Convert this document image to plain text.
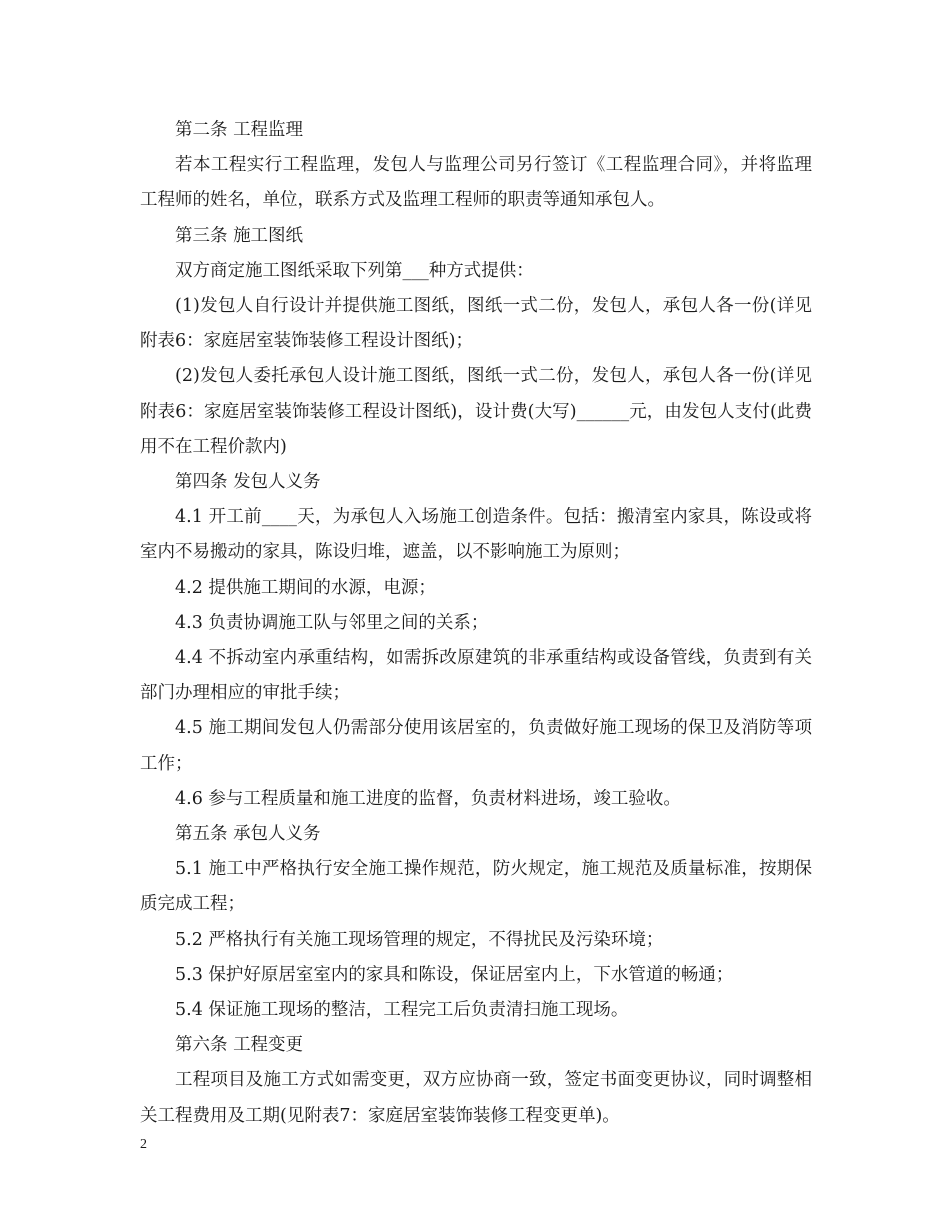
第二条 工程监理

若本工程实行工程监理，发包人与监理公司另行签订《工程监理合同》，并将监理工程师的姓名，单位，联系方式及监理工程师的职责等通知承包人。

第三条 施工图纸

双方商定施工图纸采取下列第___种方式提供：

(1)发包人自行设计并提供施工图纸，图纸一式二份，发包人，承包人各一份(详见附表6：家庭居室装饰装修工程设计图纸)；

(2)发包人委托承包人设计施工图纸，图纸一式二份，发包人，承包人各一份(详见附表6：家庭居室装饰装修工程设计图纸)，设计费(大写)______元，由发包人支付(此费用不在工程价款内)

第四条 发包人义务

4.1 开工前____天，为承包人入场施工创造条件。包括：搬清室内家具，陈设或将室内不易搬动的家具，陈设归堆，遮盖，以不影响施工为原则；

4.2 提供施工期间的水源，电源；

4.3 负责协调施工队与邻里之间的关系；

4.4 不拆动室内承重结构，如需拆改原建筑的非承重结构或设备管线，负责到有关部门办理相应的审批手续；

4.5 施工期间发包人仍需部分使用该居室的，负责做好施工现场的保卫及消防等项工作；

4.6 参与工程质量和施工进度的监督，负责材料进场，竣工验收。

第五条 承包人义务

5.1 施工中严格执行安全施工操作规范，防火规定，施工规范及质量标准，按期保质完成工程；

5.2 严格执行有关施工现场管理的规定，不得扰民及污染环境；

5.3 保护好原居室室内的家具和陈设，保证居室内上，下水管道的畅通；

5.4 保证施工现场的整洁，工程完工后负责清扫施工现场。

第六条 工程变更

工程项目及施工方式如需变更，双方应协商一致，签定书面变更协议，同时调整相关工程费用及工期(见附表7：家庭居室装饰装修工程变更单)。

2
